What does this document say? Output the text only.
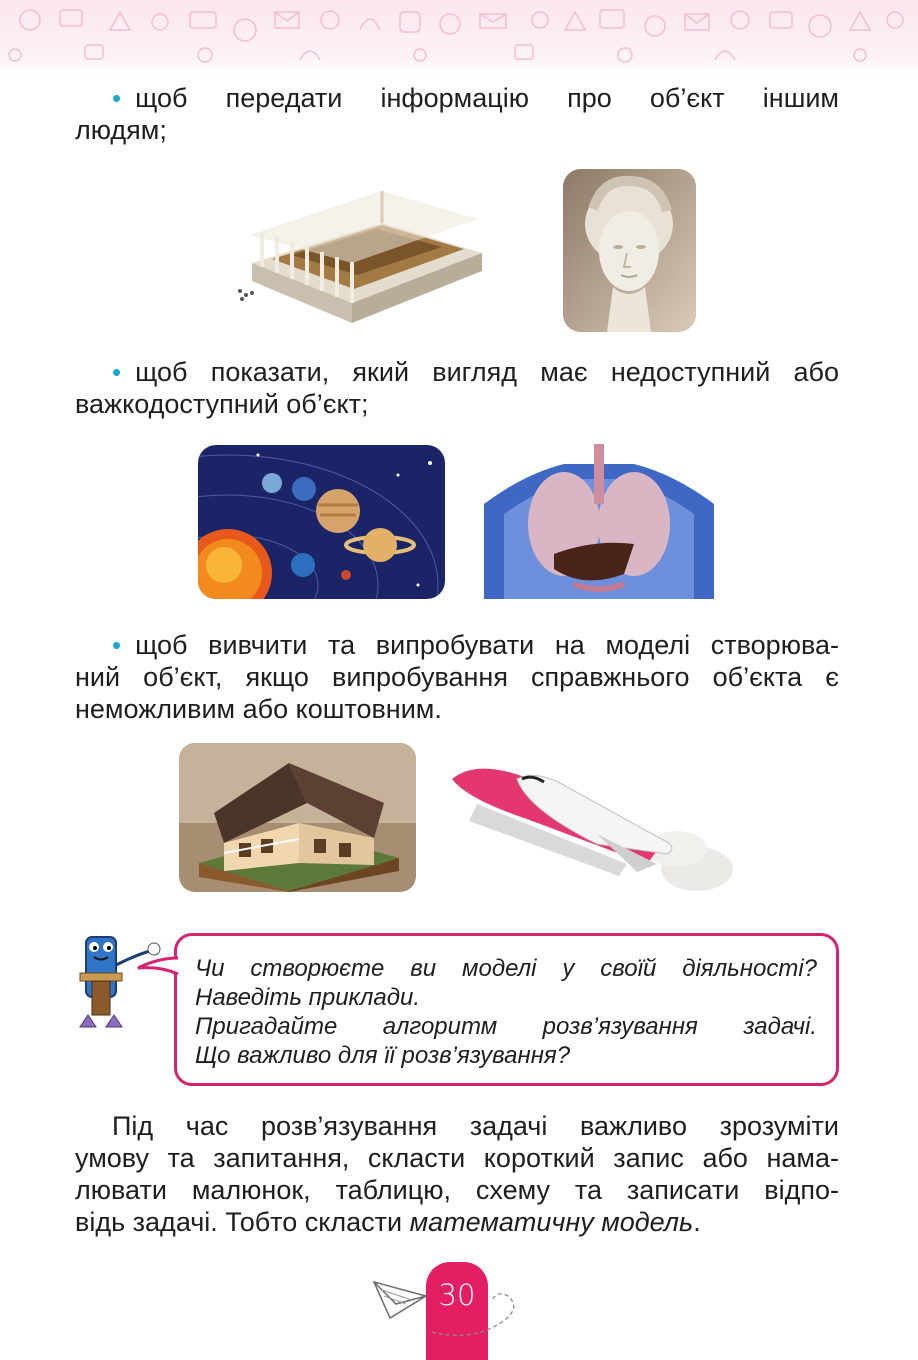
• щоб передати інформацію про об’єкт іншим
людям;
• щоб показати, який вигляд має недоступний або
важкодоступний об’єкт;
• щоб вивчити та випробувати на моделі створюва-
ний об’єкт, якщо випробування справжнього об’єкта є
неможливим або коштовним.
Чи створюєте ви моделі у своїй діяльності?
Наведіть приклади.
Пригадайте алгоритм розв’язування задачі.
Що важливо для її розв’язування?
Під час розв’язування задачі важливо зрозуміти
умову та запитання, скласти короткий запис або нама-
лювати малюнок, таблицю, схему та записати відпо-
відь задачі. Тобто скласти математичну модель.
30
